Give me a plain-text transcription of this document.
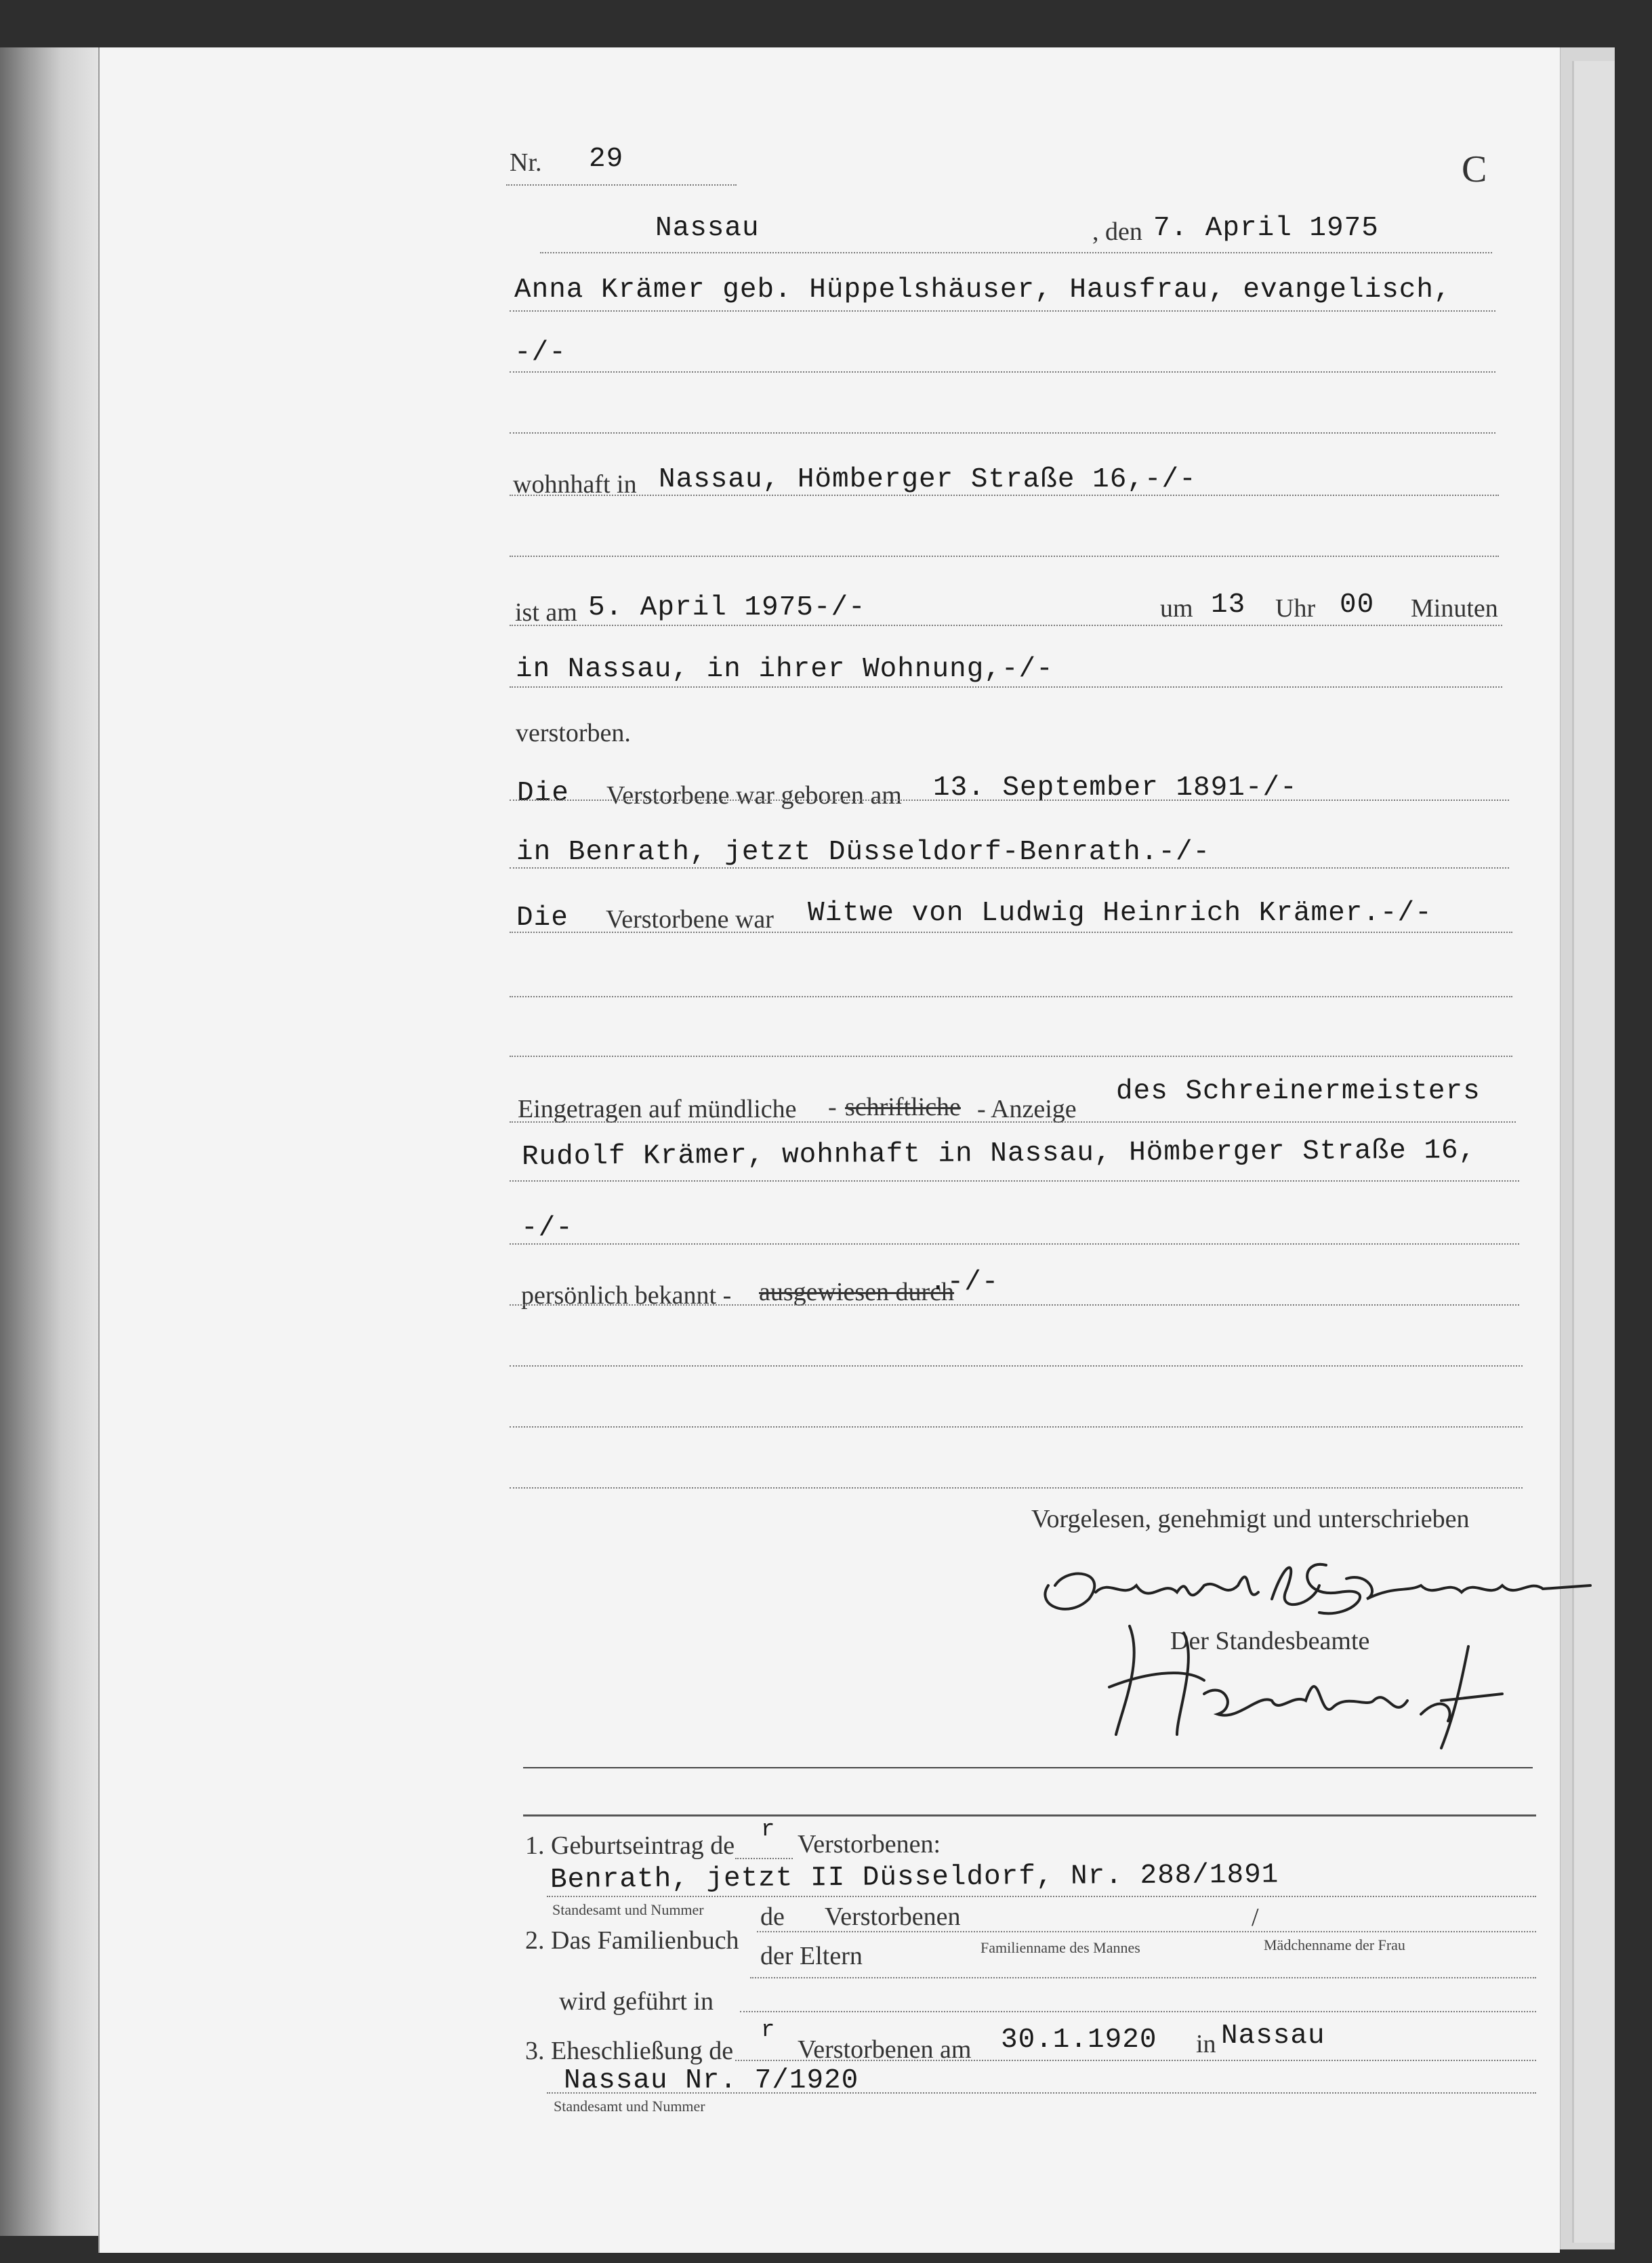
Nr. 29	C
Nassau	, den 7. April 1975
Anna Krämer geb. Hüppelshäuser, Hausfrau, evangelisch,
-/-
wohnhaft in Nassau, Hömberger Straße 16,-/-
ist am 5. April 1975-/-	um 13 Uhr 00 Minuten
in Nassau, in ihrer Wohnung,-/-
verstorben.
Die Verstorbene war geboren am 13. September 1891-/-
in Benrath, jetzt Düsseldorf-Benrath.-/-
Die Verstorbene war Witwe von Ludwig Heinrich Krämer.-/-
Eingetragen auf mündliche - schriftliche - Anzeige
des Schreinermeisters
Rudolf Krämer, wohnhaft in Nassau, Hömberger Straße 16,
-/-
persönlich bekannt - ausgewiesen durch
.-/-
Vorgelesen, genehmigt und unterschrieben
Der Standesbeamte
1. Geburtseintrag de
r Verstorbenen:
Benrath, jetzt II Düsseldorf, Nr. 288/1891
Standesamt und Nummer
2. Das Familienbuch
de Verstorbenen
der Eltern	Familienname des Mannes
/
Mädchenname der Frau
wird geführt in
3. Eheschließung de
r
Verstorbenen am 30.1.1920 in Nassau
Nassau Nr. 7/1920
Standesamt und Nummer
